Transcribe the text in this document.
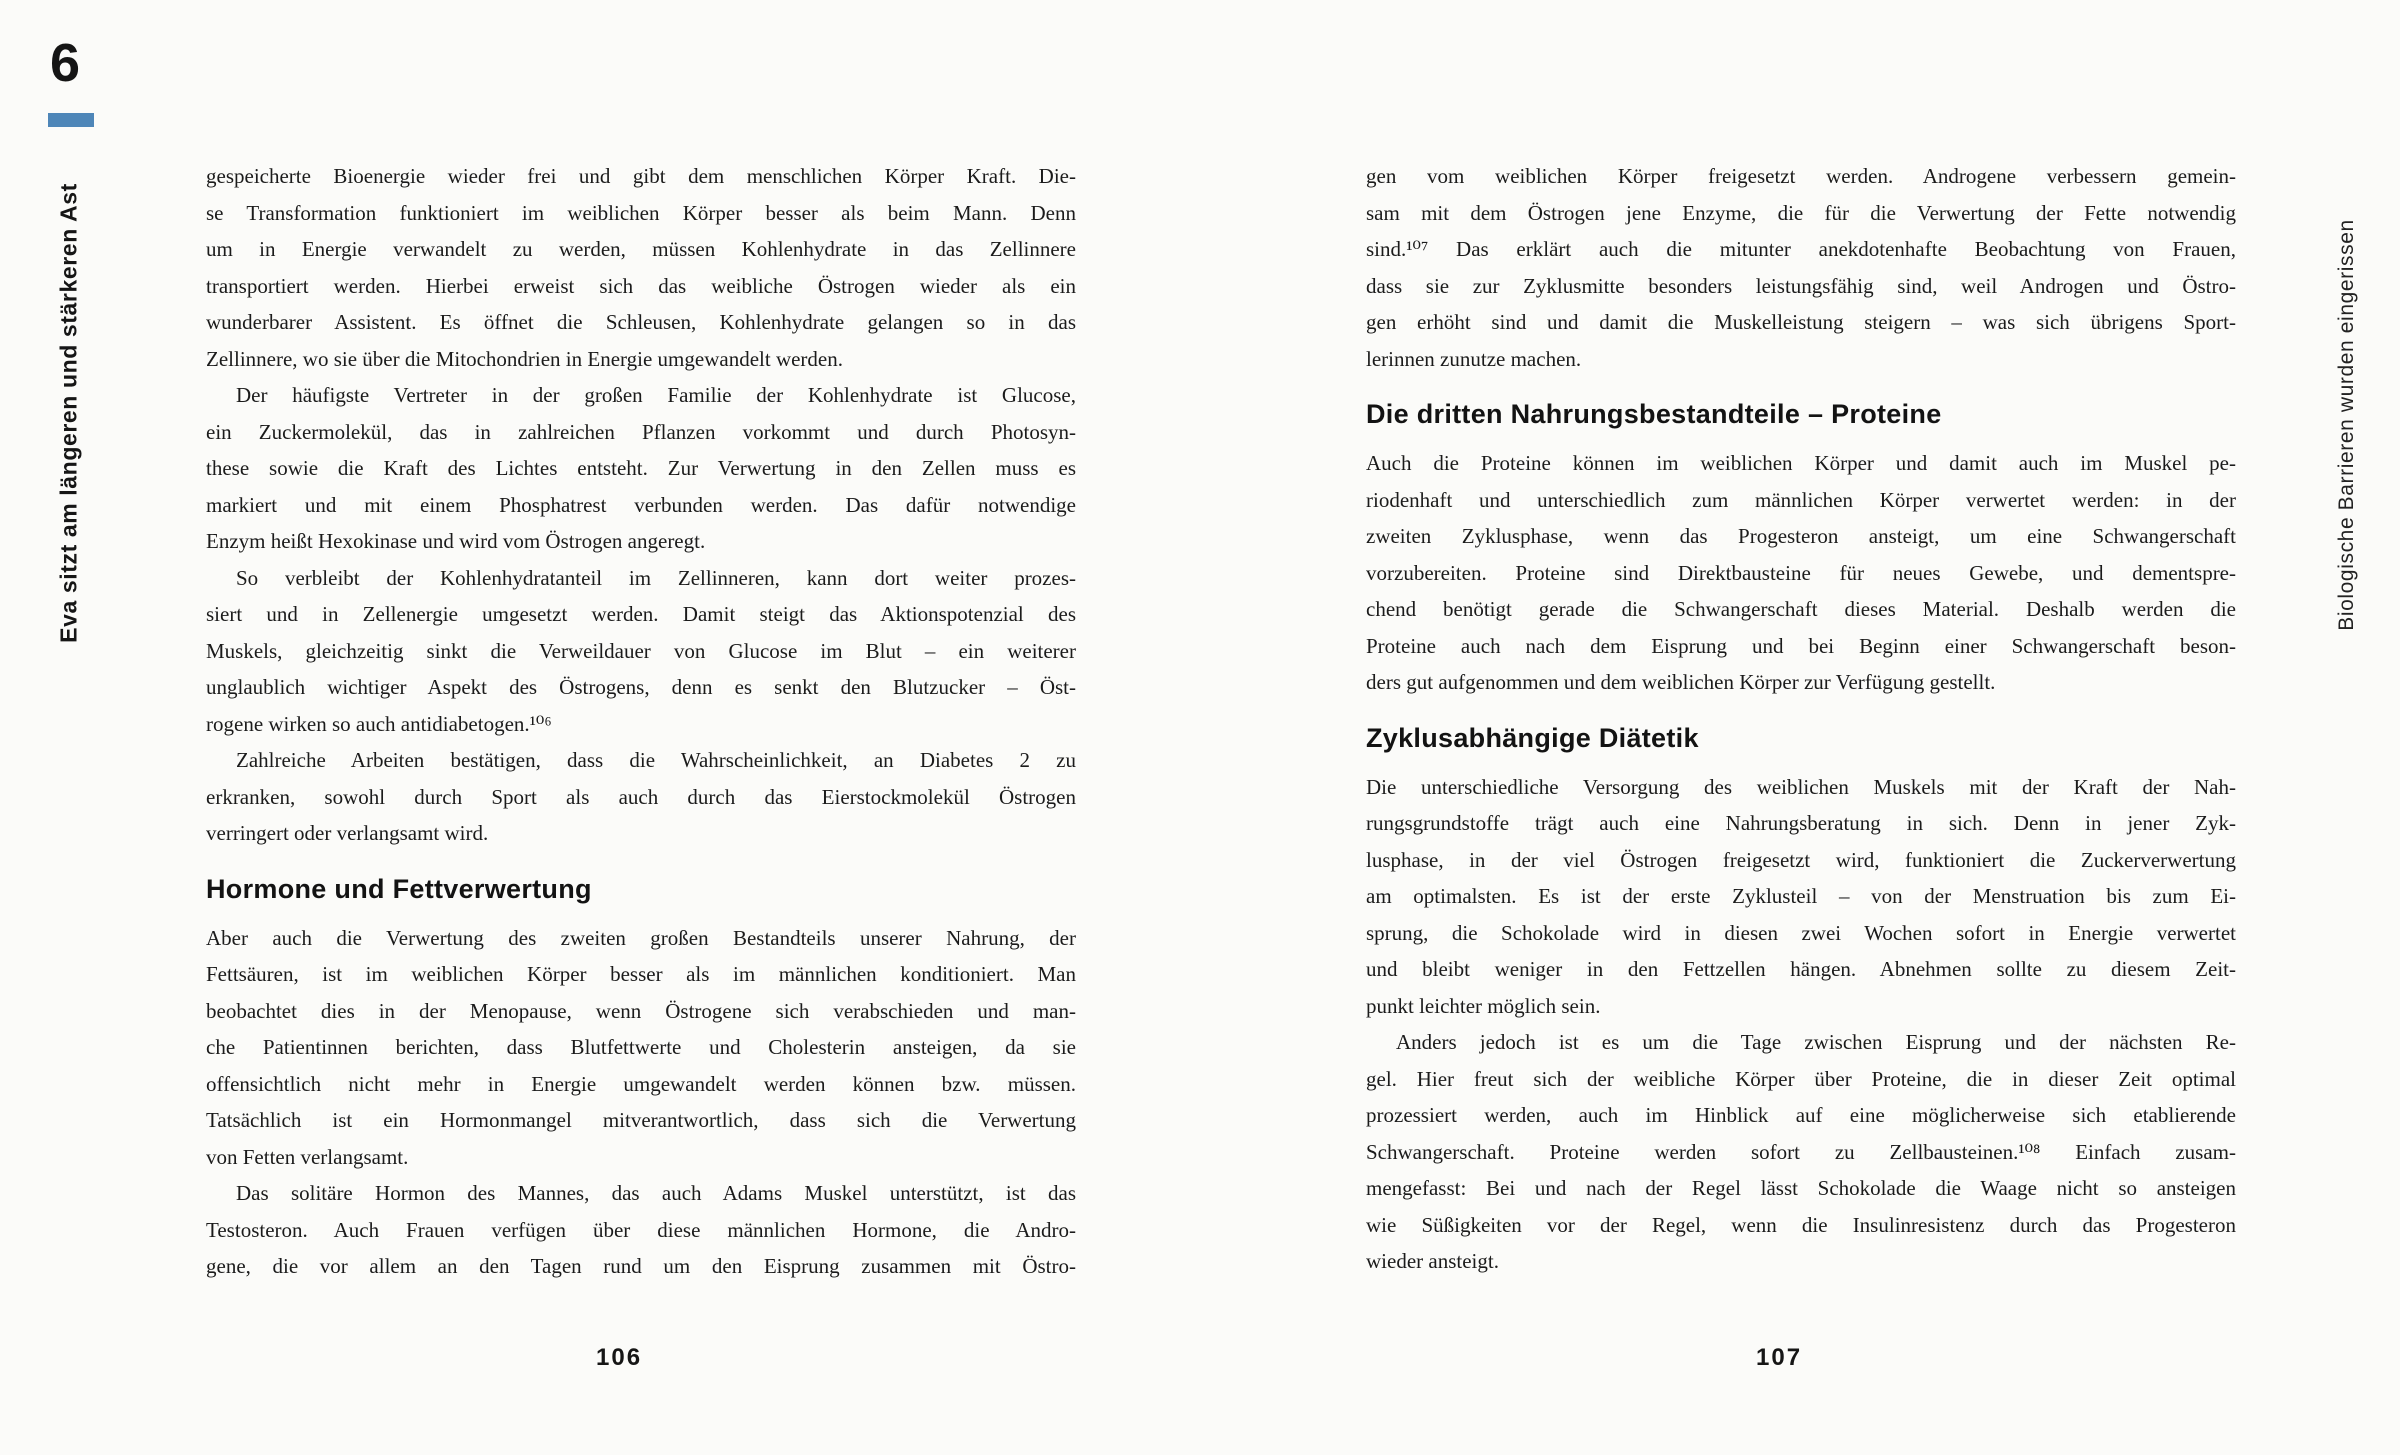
6
Eva sitzt am längeren und stärkeren Ast
gespeicherte Bioenergie wieder frei und gibt dem menschlichen Körper Kraft. Die-
se Transformation funktioniert im weiblichen Körper besser als beim Mann. Denn
um in Energie verwandelt zu werden, müssen Kohlenhydrate in das Zellinnere
transportiert werden. Hierbei erweist sich das weibliche Östrogen wieder als ein
wunderbarer Assistent. Es öffnet die Schleusen, Kohlenhydrate gelangen so in das
Zellinnere, wo sie über die Mitochondrien in Energie umgewandelt werden.
Der häufigste Vertreter in der großen Familie der Kohlenhydrate ist Glucose,
ein Zuckermolekül, das in zahlreichen Pflanzen vorkommt und durch Photosyn-
these sowie die Kraft des Lichtes entsteht. Zur Verwertung in den Zellen muss es
markiert und mit einem Phosphatrest verbunden werden. Das dafür notwendige
Enzym heißt Hexokinase und wird vom Östrogen angeregt.
So verbleibt der Kohlenhydratanteil im Zellinneren, kann dort weiter prozes-
siert und in Zellenergie umgesetzt werden. Damit steigt das Aktionspotenzial des
Muskels, gleichzeitig sinkt die Verweildauer von Glucose im Blut – ein weiterer
unglaublich wichtiger Aspekt des Östrogens, denn es senkt den Blutzucker – Öst-
rogene wirken so auch antidiabetogen.¹⁰⁶
Zahlreiche Arbeiten bestätigen, dass die Wahrscheinlichkeit, an Diabetes 2 zu
erkranken, sowohl durch Sport als auch durch das Eierstockmolekül Östrogen
verringert oder verlangsamt wird.
Hormone und Fettverwertung
Aber auch die Verwertung des zweiten großen Bestandteils unserer Nahrung, der
Fettsäuren, ist im weiblichen Körper besser als im männlichen konditioniert. Man
beobachtet dies in der Menopause, wenn Östrogene sich verabschieden und man-
che Patientinnen berichten, dass Blutfettwerte und Cholesterin ansteigen, da sie
offensichtlich nicht mehr in Energie umgewandelt werden können bzw. müssen.
Tatsächlich ist ein Hormonmangel mitverantwortlich, dass sich die Verwertung
von Fetten verlangsamt.
Das solitäre Hormon des Mannes, das auch Adams Muskel unterstützt, ist das
Testosteron. Auch Frauen verfügen über diese männlichen Hormone, die Andro-
gene, die vor allem an den Tagen rund um den Eisprung zusammen mit Östro-
106
gen vom weiblichen Körper freigesetzt werden. Androgene verbessern gemein-
sam mit dem Östrogen jene Enzyme, die für die Verwertung der Fette notwendig
sind.¹⁰⁷ Das erklärt auch die mitunter anekdotenhafte Beobachtung von Frauen,
dass sie zur Zyklusmitte besonders leistungsfähig sind, weil Androgen und Östro-
gen erhöht sind und damit die Muskelleistung steigern – was sich übrigens Sport-
lerinnen zunutze machen.
Die dritten Nahrungsbestandteile – Proteine
Auch die Proteine können im weiblichen Körper und damit auch im Muskel pe-
riodenhaft und unterschiedlich zum männlichen Körper verwertet werden: in der
zweiten Zyklusphase, wenn das Progesteron ansteigt, um eine Schwangerschaft
vorzubereiten. Proteine sind Direktbausteine für neues Gewebe, und dementspre-
chend benötigt gerade die Schwangerschaft dieses Material. Deshalb werden die
Proteine auch nach dem Eisprung und bei Beginn einer Schwangerschaft beson-
ders gut aufgenommen und dem weiblichen Körper zur Verfügung gestellt.
Zyklusabhängige Diätetik
Die unterschiedliche Versorgung des weiblichen Muskels mit der Kraft der Nah-
rungsgrundstoffe trägt auch eine Nahrungsberatung in sich. Denn in jener Zyk-
lusphase, in der viel Östrogen freigesetzt wird, funktioniert die Zuckerverwertung
am optimalsten. Es ist der erste Zyklusteil – von der Menstruation bis zum Ei-
sprung, die Schokolade wird in diesen zwei Wochen sofort in Energie verwertet
und bleibt weniger in den Fettzellen hängen. Abnehmen sollte zu diesem Zeit-
punkt leichter möglich sein.
Anders jedoch ist es um die Tage zwischen Eisprung und der nächsten Re-
gel. Hier freut sich der weibliche Körper über Proteine, die in dieser Zeit optimal
prozessiert werden, auch im Hinblick auf eine möglicherweise sich etablierende
Schwangerschaft. Proteine werden sofort zu Zellbausteinen.¹⁰⁸ Einfach zusam-
mengefasst: Bei und nach der Regel lässt Schokolade die Waage nicht so ansteigen
wie Süßigkeiten vor der Regel, wenn die Insulinresistenz durch das Progesteron
wieder ansteigt.
107
Biologische Barrieren wurden eingerissen
